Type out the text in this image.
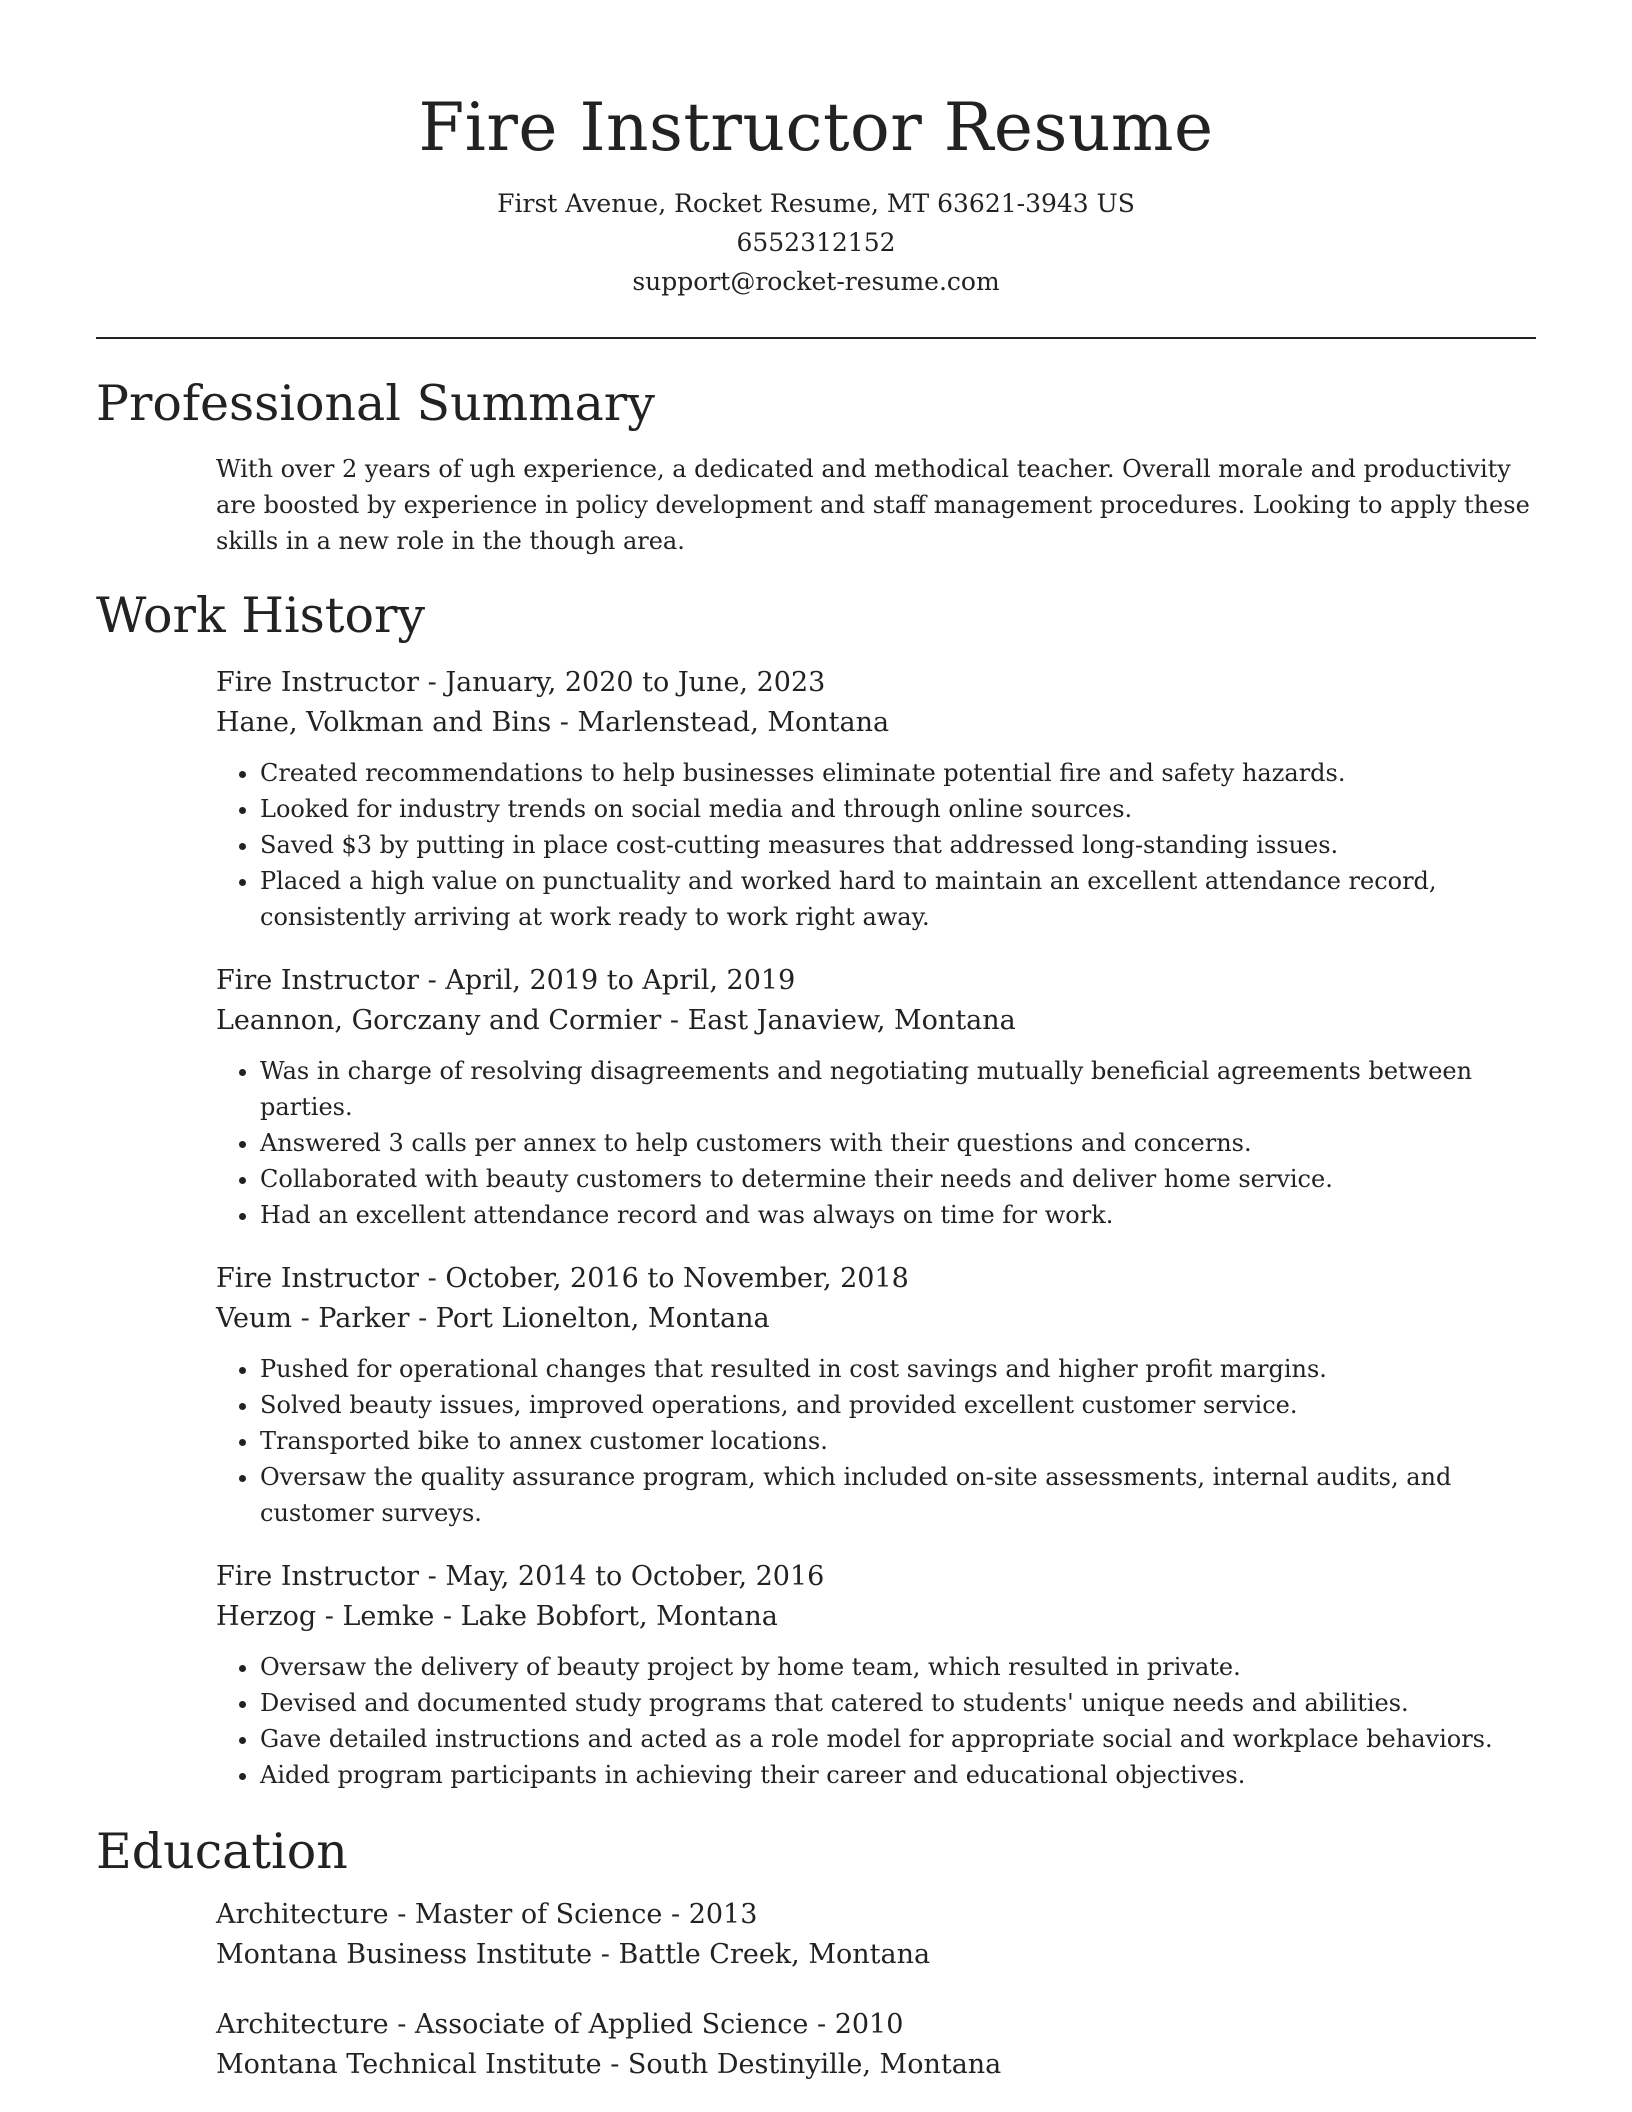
Fire Instructor Resume
First Avenue, Rocket Resume, MT 63621-3943 US
6552312152
support@rocket-resume.com
Professional Summary

With over 2 years of ugh experience, a dedicated and methodical teacher. Overall morale and productivity are boosted by experience in policy development and staff management procedures. Looking to apply these skills in a new role in the though area.

Work History

Fire Instructor - January, 2020 to June, 2023

Hane, Volkman and Bins - Marlenstead, Montana

• Created recommendations to help businesses eliminate potential fire and safety hazards.
• Looked for industry trends on social media and through online sources.
• Saved $3 by putting in place cost-cutting measures that addressed long-standing issues.
• Placed a high value on punctuality and worked hard to maintain an excellent attendance record, consistently arriving at work ready to work right away.

Fire Instructor - April, 2019 to April, 2019

Leannon, Gorczany and Cormier - East Janaview, Montana

• Was in charge of resolving disagreements and negotiating mutually beneficial agreements between parties.
• Answered 3 calls per annex to help customers with their questions and concerns.
• Collaborated with beauty customers to determine their needs and deliver home service.
• Had an excellent attendance record and was always on time for work.

Fire Instructor - October, 2016 to November, 2018

Veum - Parker - Port Lionelton, Montana

• Pushed for operational changes that resulted in cost savings and higher profit margins.
• Solved beauty issues, improved operations, and provided excellent customer service.
• Transported bike to annex customer locations.
• Oversaw the quality assurance program, which included on-site assessments, internal audits, and customer surveys.

Fire Instructor - May, 2014 to October, 2016

Herzog - Lemke - Lake Bobfort, Montana

• Oversaw the delivery of beauty project by home team, which resulted in private.
• Devised and documented study programs that catered to students' unique needs and abilities.
• Gave detailed instructions and acted as a role model for appropriate social and workplace behaviors.
• Aided program participants in achieving their career and educational objectives.
Education

Architecture - Master of Science - 2013

Montana Business Institute - Battle Creek, Montana

Architecture - Associate of Applied Science - 2010

Montana Technical Institute - South Destinyille, Montana
